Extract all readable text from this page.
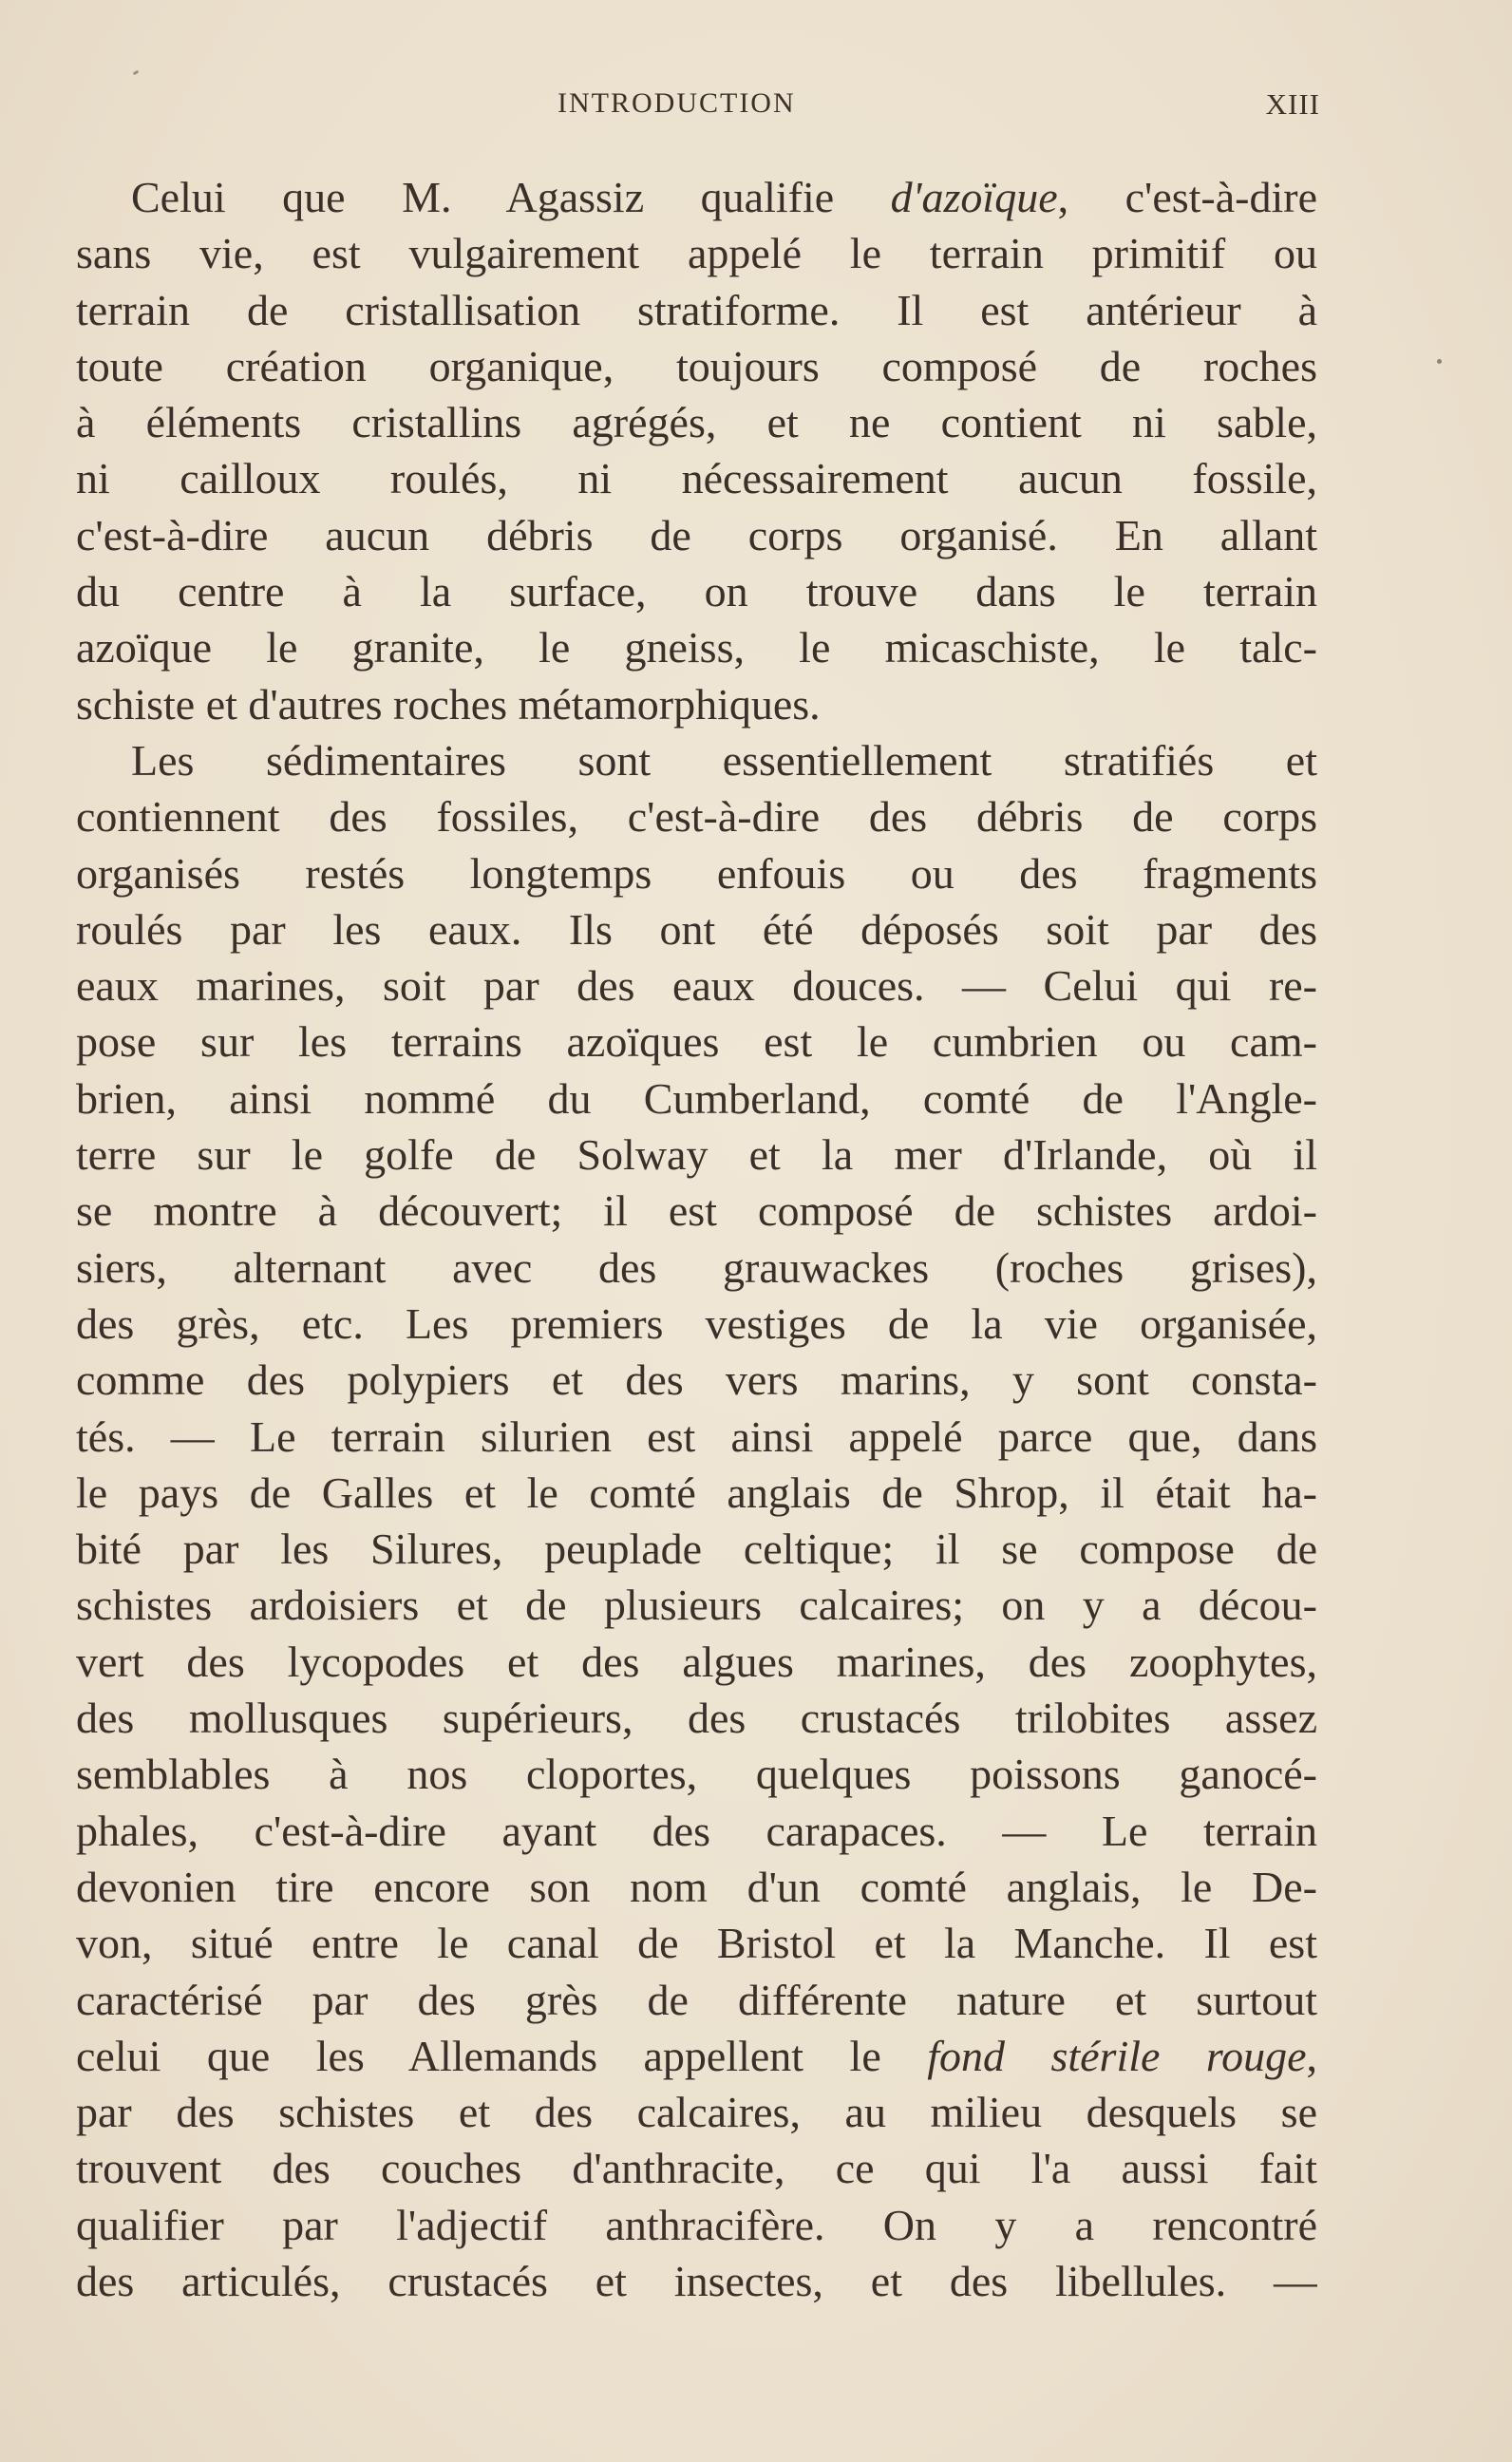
INTRODUCTION	XIII
Celui que M. Agassiz qualifie d'azoïque, c'est-à-dire
sans vie, est vulgairement appelé le terrain primitif ou
terrain de cristallisation stratiforme. Il est antérieur à
toute création organique, toujours composé de roches
à éléments cristallins agrégés, et ne contient ni sable,
ni cailloux roulés, ni nécessairement aucun fossile,
c'est-à-dire aucun débris de corps organisé. En allant
du centre à la surface, on trouve dans le terrain
azoïque le granite, le gneiss, le micaschiste, le talc-
schiste et d'autres roches métamorphiques.
Les sédimentaires sont essentiellement stratifiés et
contiennent des fossiles, c'est-à-dire des débris de corps
organisés restés longtemps enfouis ou des fragments
roulés par les eaux. Ils ont été déposés soit par des
eaux marines, soit par des eaux douces. — Celui qui re-
pose sur les terrains azoïques est le cumbrien ou cam-
brien, ainsi nommé du Cumberland, comté de l'Angle-
terre sur le golfe de Solway et la mer d'Irlande, où il
se montre à découvert; il est composé de schistes ardoi-
siers, alternant avec des grauwackes (roches grises),
des grès, etc. Les premiers vestiges de la vie organisée,
comme des polypiers et des vers marins, y sont consta-
tés. — Le terrain silurien est ainsi appelé parce que, dans
le pays de Galles et le comté anglais de Shrop, il était ha-
bité par les Silures, peuplade celtique; il se compose de
schistes ardoisiers et de plusieurs calcaires; on y a décou-
vert des lycopodes et des algues marines, des zoophytes,
des mollusques supérieurs, des crustacés trilobites assez
semblables à nos cloportes, quelques poissons ganocé-
phales, c'est-à-dire ayant des carapaces. — Le terrain
devonien tire encore son nom d'un comté anglais, le De-
von, situé entre le canal de Bristol et la Manche. Il est
caractérisé par des grès de différente nature et surtout
celui que les Allemands appellent le fond stérile rouge,
par des schistes et des calcaires, au milieu desquels se
trouvent des couches d'anthracite, ce qui l'a aussi fait
qualifier par l'adjectif anthracifère. On y a rencontré
des articulés, crustacés et insectes, et des libellules. —
